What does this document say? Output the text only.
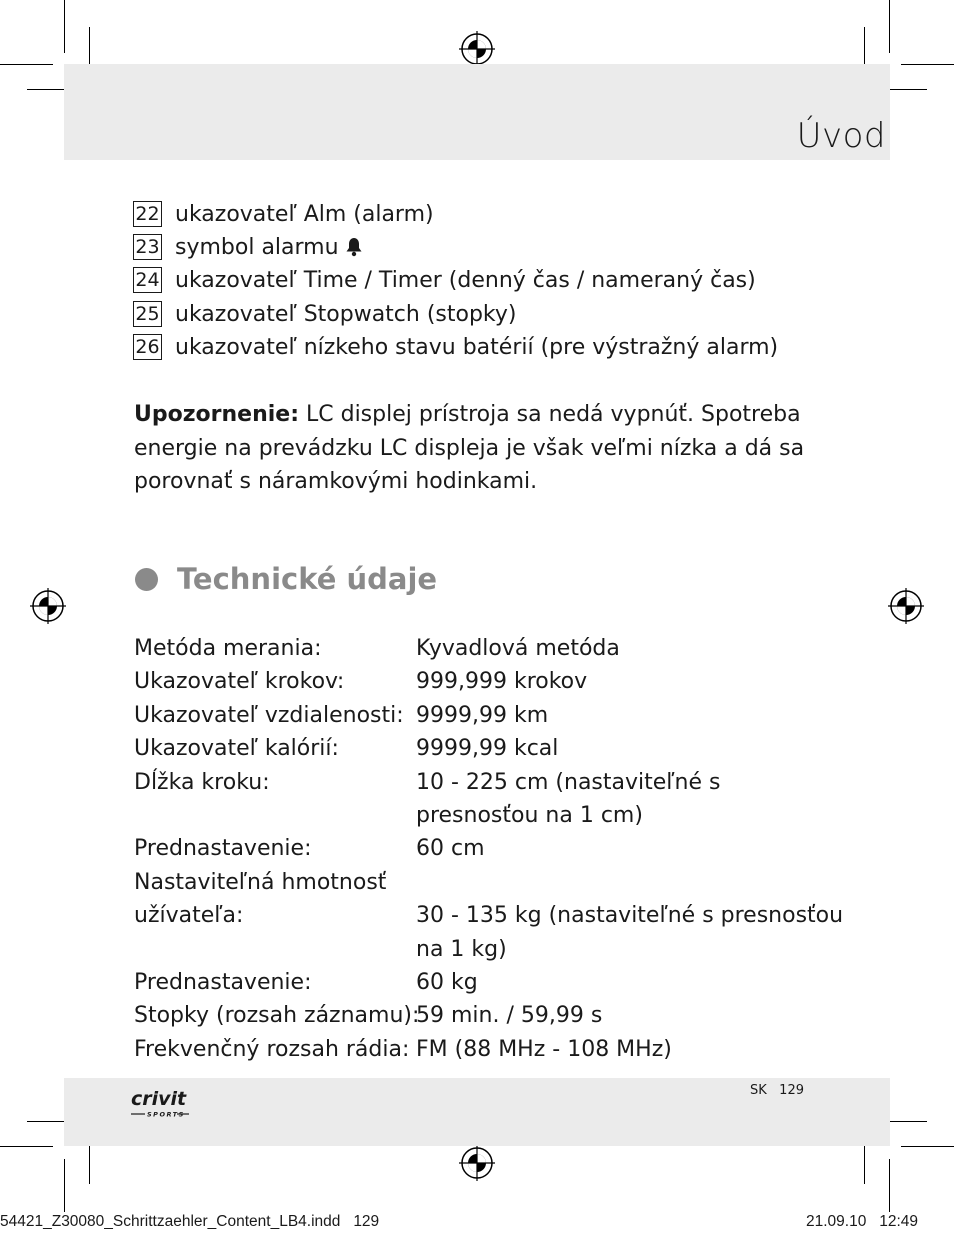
Úvod
22 ukazovateľ Alm (alarm)
23 symbol alarmu
24 ukazovateľ Time / Timer (denný čas / nameraný čas)
25 ukazovateľ Stopwatch (stopky)
26 ukazovateľ nízkeho stavu batérií (pre výstražný alarm)
Upozornenie: LC displej prístroja sa nedá vypnúť. Spotreba
energie na prevádzku LC displeja je však veľmi nízka a dá sa
porovnať s náramkovými hodinkami.
Technické údaje
Metóda merania:	Kyvadlová metóda
Ukazovateľ krokov:	999,999 krokov
Ukazovateľ vzdialenosti: 9999,99 km
Ukazovateľ kalórií:	9999,99 kcal
Dĺžka kroku:	10 - 225 cm (nastaviteľné s
presnosťou na 1 cm)
Prednastavenie:	60 cm
Nastaviteľná hmotnosť
užívateľa:	30 - 135 kg (nastaviteľné s presnosťou
na 1 kg)
Prednastavenie:	60 kg
Stopky (rozsah záznamu):
59 min. / 59,99 s
Frekvenčný rozsah rádia: FM (88 MHz - 108 MHz)
crivit
SPORTS
SK   129
54421_Z30080_Schrittzaehler_Content_LB4.indd   129	21.09.10   12:49
